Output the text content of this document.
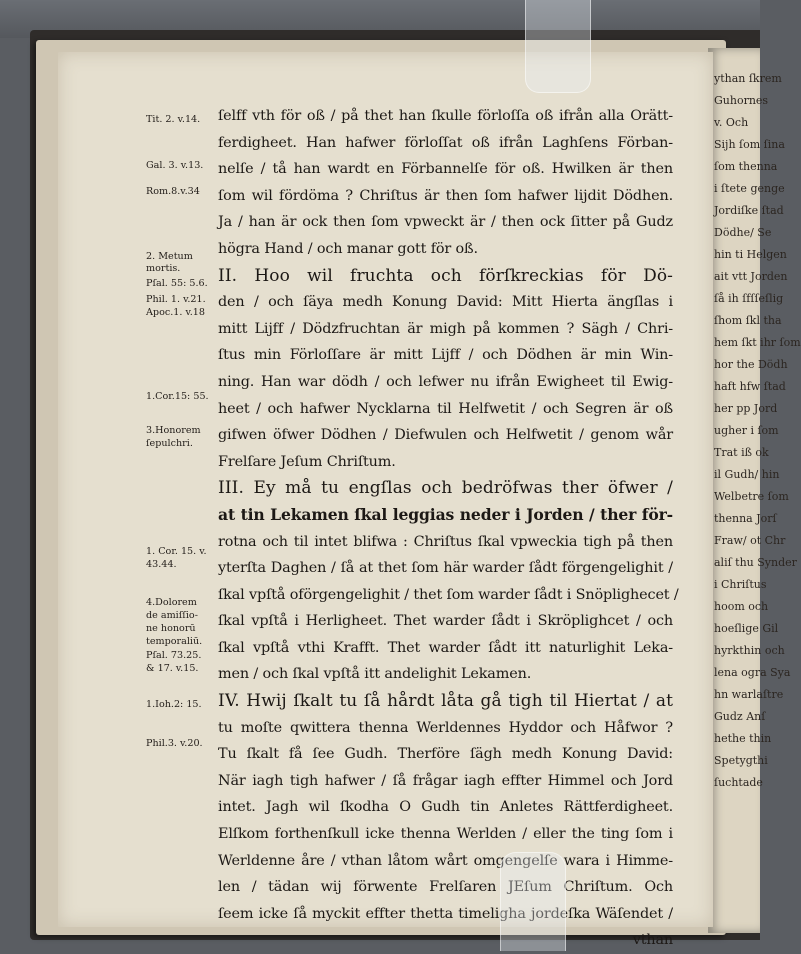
ythan ſkrem
Guhornes
v. Och
Sijh ſom ſina
ſom thenna
i ſtete genge
Jordiſke ſtad
Dödhe/ Se
hin ti Helgen
ait vtt Jorden
ſå ih ſfſſeſlig
ſhom ſkl tha
hem ſkt ihr ſom
hor the Dödh
haft hfw ſtad
her pp Jord
ugher i ſom
Trat iß ok
il Gudh/ hin
Welbetre ſom
thenna Jorſ
Fraw/ ot Chr
aliſ thu Synder
i Chriſtus
hoom och
hoeſlige Gil
hyrkthin och
lena ogra Sya
hn warlaſtre
Gudz Anſ
hethe thin
Spetygthi
ſuchtade
ſelff vth för oß / på thet han ſkulle förloſſa oß ifrån alla Orätt-
ferdigheet. Han hafwer förloſſat oß ifrån Laghſens Förban-
nelſe / tå han wardt en Förbannelſe för oß. Hwilken är then
ſom wil fördöma ? Chriſtus är then ſom hafwer lijdit Dödhen.
Ja / han är ock then ſom vpweckt är / then ock ſitter på Gudz
högra Hand / och manar gott för oß.
II. Hoo wil fruchta och förſkreckias för Dö-
den / och ſäya medh Konung David: Mitt Hierta ängſlas i
mitt Lijff / Dödzfruchtan är migh på kommen ? Sägh / Chri-
ſtus min Förloſſare är mitt Lijff / och Dödhen är min Win-
ning. Han war dödh / och lefwer nu ifrån Ewigheet til Ewig-
heet / och hafwer Nycklarna til Helfwetit / och Segren är oß
gifwen öfwer Dödhen / Diefwulen och Helfwetit / genom wår
Frelſare Jeſum Chriſtum.
III. Ey må tu engſlas och bedröfwas ther öfwer /
at tin Lekamen ſkal leggias neder i Jorden / ther för-
rotna och til intet blifwa : Chriſtus ſkal vpweckia tigh på then
yterſta Daghen / ſå at thet ſom här warder ſådt förgengelighit /
ſkal vpſtå oförgengelighit / thet ſom warder ſådt i Snöplighecet /
ſkal vpſtå i Herligheet. Thet warder ſådt i Skröplighcet / och
ſkal vpſtå vthi Krafft. Thet warder ſådt itt naturlighit Leka-
men / och ſkal vpſtå itt andelighit Lekamen.
IV. Hwij ſkalt tu ſå hårdt låta gå tigh til Hiertat / at
tu moſte qwittera thenna Werldennes Hyddor och Håfwor ?
Tu ſkalt få ſee Gudh. Therföre ſägh medh Konung David:
När iagh tigh hafwer / ſå frågar iagh effter Himmel och Jord
intet. Jagh wil ſkodha O Gudh tin Anletes Rättferdigheet.
Elſkom forthenſkull icke thenna Werlden / eller the ting ſom i
Werldenne åre / vthan låtom wårt omgengelſe wara i Himme-
len / tädan wij förwente Frelſaren JEſum Chriſtum. Och
ſeem icke ſå myckit effter thetta timeligha jordeſka Wäſendet /
vthan
Tit. 2. v.14.
Gal. 3. v.13.
Rom.8.v.34
2. Metum
mortis.
Pſal. 55: 5.6.
Phil. 1. v.21.
Apoc.1. v.18
1.Cor.15: 55.
3.Honorem
ſepulchri.
1. Cor. 15. v.
43.44.
4.Dolorem
de amiſſio-
ne honorū
temporaliū.
Pſal. 73.25.
& 17. v.15.
1.Ioh.2: 15.
Phil.3. v.20.
